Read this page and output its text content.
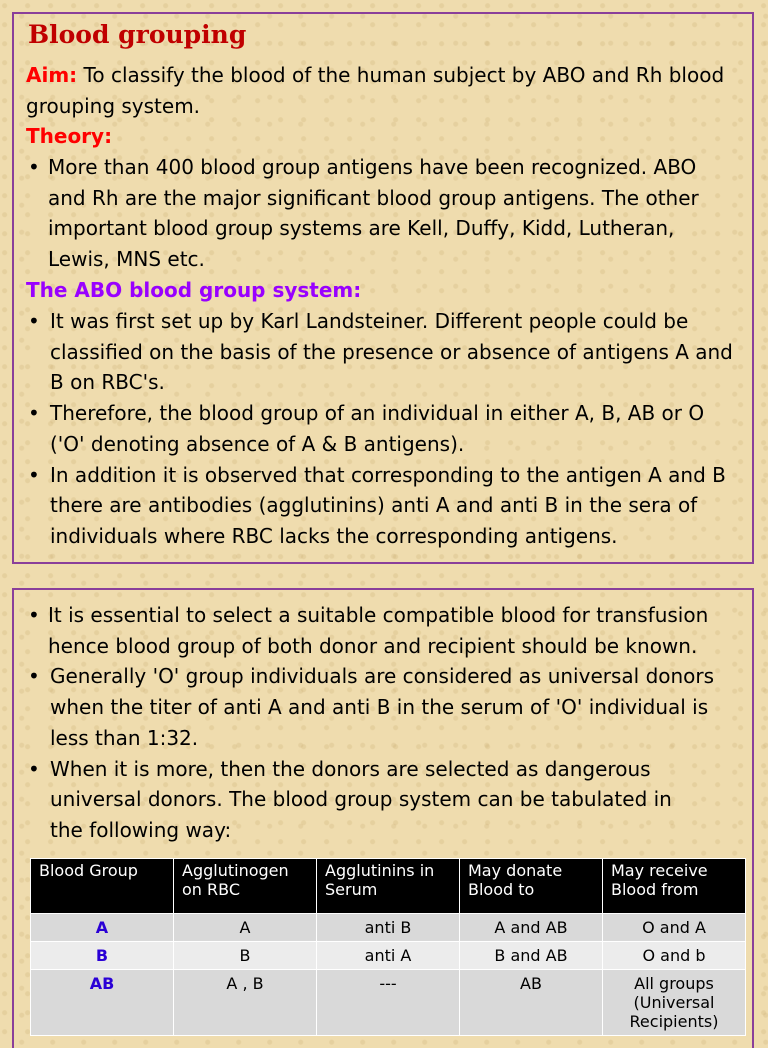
Blood grouping
Aim: To classify the blood of the human subject by ABO and Rh blood grouping system.
Theory:
• More than 400 blood group antigens have been recognized. ABO and Rh are the major significant blood group antigens. The other important blood group systems are Kell, Duffy, Kidd, Lutheran, Lewis, MNS etc.
The ABO blood group system:
• It was first set up by Karl Landsteiner. Different people could be classified on the basis of the presence or absence of antigens A and B on RBC's.
• Therefore, the blood group of an individual in either A, B, AB or O ('O' denoting absence of A & B antigens).
• In addition it is observed that corresponding to the antigen A and B there are antibodies (agglutinins) anti A and anti B in the sera of individuals where RBC lacks the corresponding antigens.
• It is essential to select a suitable compatible blood for transfusion hence blood group of both donor and recipient should be known.
• Generally 'O' group individuals are considered as universal donors when the titer of anti A and anti B in the serum of 'O' individual is less than 1:32.
• When it is more, then the donors are selected as dangerous universal donors. The blood group system can be tabulated in the following way:
Blood Group	Agglutinogen on RBC	Agglutinins in Serum	May donate Blood to	May receive Blood from
A	A	anti B	A and AB	O and A
B	B	anti A	B and AB	O and b
AB	A , B	---	AB	All groups (Universal Recipients)
